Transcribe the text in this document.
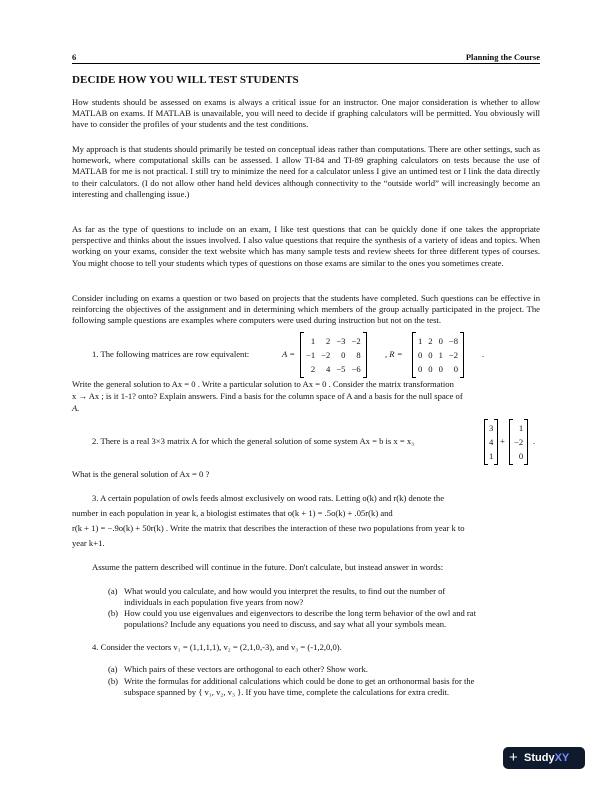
6	Planning the Course
DECIDE HOW YOU WILL TEST STUDENTS

How students should be assessed on exams is always a critical issue for an instructor. One major consideration is whether to allow MATLAB on exams. If MATLAB is unavailable, you will need to decide if graphing calculators will be permitted. You obviously will have to consider the profiles of your students and the test conditions.

My approach is that students should primarily be tested on conceptual ideas rather than computations. There are other settings, such as homework, where computational skills can be assessed. I allow TI-84 and TI-89 graphing calculators on tests because the use of MATLAB for me is not practical. I still try to minimize the need for a calculator unless I give an untimed test or I link the data directly to their calculators. (I do not allow other hand held devices although connectivity to the “outside world” will increasingly become an interesting and challenging issue.)

As far as the type of questions to include on an exam, I like test questions that can be quickly done if one takes the appropriate perspective and thinks about the issues involved. I also value questions that require the synthesis of a variety of ideas and topics. When working on your exams, consider the text website which has many sample tests and review sheets for three different types of courses. You might choose to tell your students which types of questions on those exams are similar to the ones you sometimes create.

Consider including on exams a question or two based on projects that the students have completed. Such questions can be effective in reinforcing the objectives of the assignment and in determining which members of the group actually participated in the project. The following sample questions are examples where computers were used during instruction but not on the test.

1. The following matrices are row equivalent:	A =
1	2	−3	−2
−1	−2	0	8
2	4	−5	−6
, R =
1	2	0	−8
0	0	1	−2
0	0	0	0
.
Write the general solution to Ax = 0 . Write a particular solution to Ax = 0 . Consider the matrix transformation
x → Ax ; is it 1-1? onto? Explain answers. Find a basis for the column space of A and a basis for the null space of
A.
2. There is a real 3×3 matrix A for which the general solution of some system Ax = b is x = x₃
3
4
1
+
1
−2
0
.
What is the general solution of Ax = 0 ?
3. A certain population of owls feeds almost exclusively on wood rats. Letting o(k) and r(k) denote the
number in each population in year k, a biologist estimates that o(k + 1) = .5o(k) + .05r(k) and
r(k + 1) = −.9o(k) + 50r(k) . Write the matrix that describes the interaction of these two populations from year k to
year k+1.
Assume the pattern described will continue in the future. Don't calculate, but instead answer in words:
(a) What would you calculate, and how would you interpret the results, to find out the number of
individuals in each population five years from now?
(b) How could you use eigenvalues and eigenvectors to describe the long term behavior of the owl and rat
populations? Include any equations you need to discuss, and say what all your symbols mean.
4. Consider the vectors v₁ = (1,1,1,1), v₂ = (2,1,0,-3), and v₃ = (-1,2,0,0).
(a) Which pairs of these vectors are orthogonal to each other? Show work.
(b) Write the formulas for additional calculations which could be done to get an orthonormal basis for the
subspace spanned by { v₁, v₂, v₃ }. If you have time, complete the calculations for extra credit.
+ StudyXY
